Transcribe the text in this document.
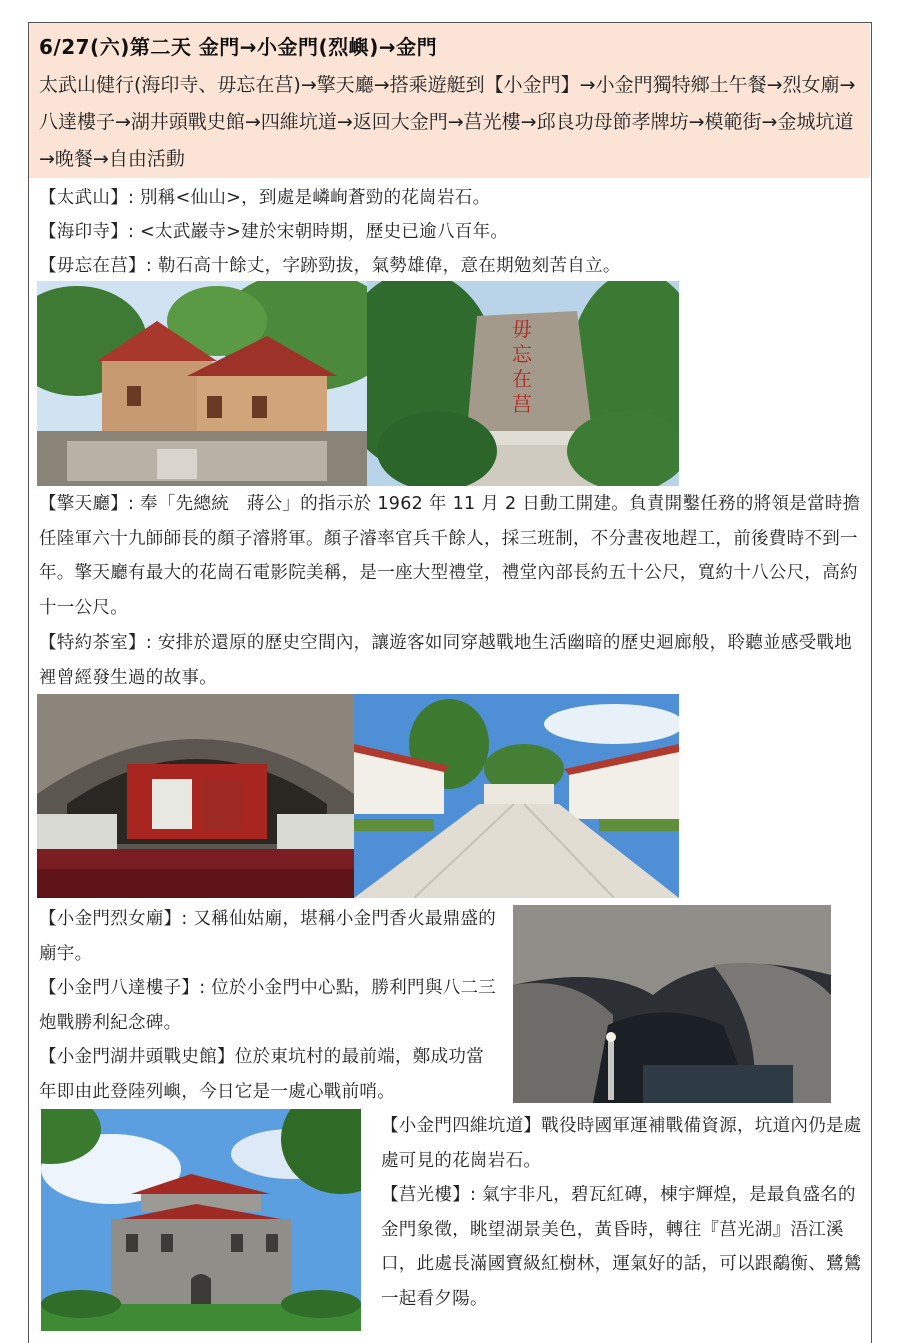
6/27(六)第二天 金門→小金門(烈嶼)→金門
太武山健行(海印寺、毋忘在莒)→擎天廳→搭乘遊艇到【小金門】→小金門獨特鄉土午餐→烈女廟→八達樓子→湖井頭戰史館→四維坑道→返回大金門→莒光樓→邱良功母節孝牌坊→模範街→金城坑道→晚餐→自由活動
【太武山】: 別稱<仙山>，到處是嶙峋蒼勁的花崗岩石。
【海印寺】: <太武巖寺>建於宋朝時期，歷史已逾八百年。
【毋忘在莒】: 勒石高十餘丈，字跡勁拔，氣勢雄偉，意在期勉刻苦自立。
毋
忘
在
莒
【擎天廳】: 奉「先總統　蔣公」的指示於 1962 年 11 月 2 日動工開建。負責開鑿任務的將領是當時擔任陸軍六十九師師長的顏子濬將軍。顏子濬率官兵千餘人，採三班制，不分晝夜地趕工，前後費時不到一年。擎天廳有最大的花崗石電影院美稱，是一座大型禮堂，禮堂內部長約五十公尺，寬約十八公尺，高約十一公尺。
【特約茶室】: 安排於還原的歷史空間內，讓遊客如同穿越戰地生活幽暗的歷史迴廊般，聆聽並感受戰地裡曾經發生過的故事。
【小金門烈女廟】: 又稱仙姑廟，堪稱小金門香火最鼎盛的廟宇。
【小金門八達樓子】: 位於小金門中心點，勝利門與八二三炮戰勝利紀念碑。
【小金門湖井頭戰史館】位於東坑村的最前端，鄭成功當年即由此登陸列嶼，今日它是一處心戰前哨。
【小金門四維坑道】戰役時國軍運補戰備資源，坑道內仍是處處可見的花崗岩石。
【莒光樓】: 氣宇非凡，碧瓦紅磚，棟宇輝煌，是最負盛名的金門象徵，眺望湖景美色，黃昏時，轉往『莒光湖』浯江溪口，此處長滿國寶級紅樹林，運氣好的話，可以跟鷸衡、鷺鷥一起看夕陽。
